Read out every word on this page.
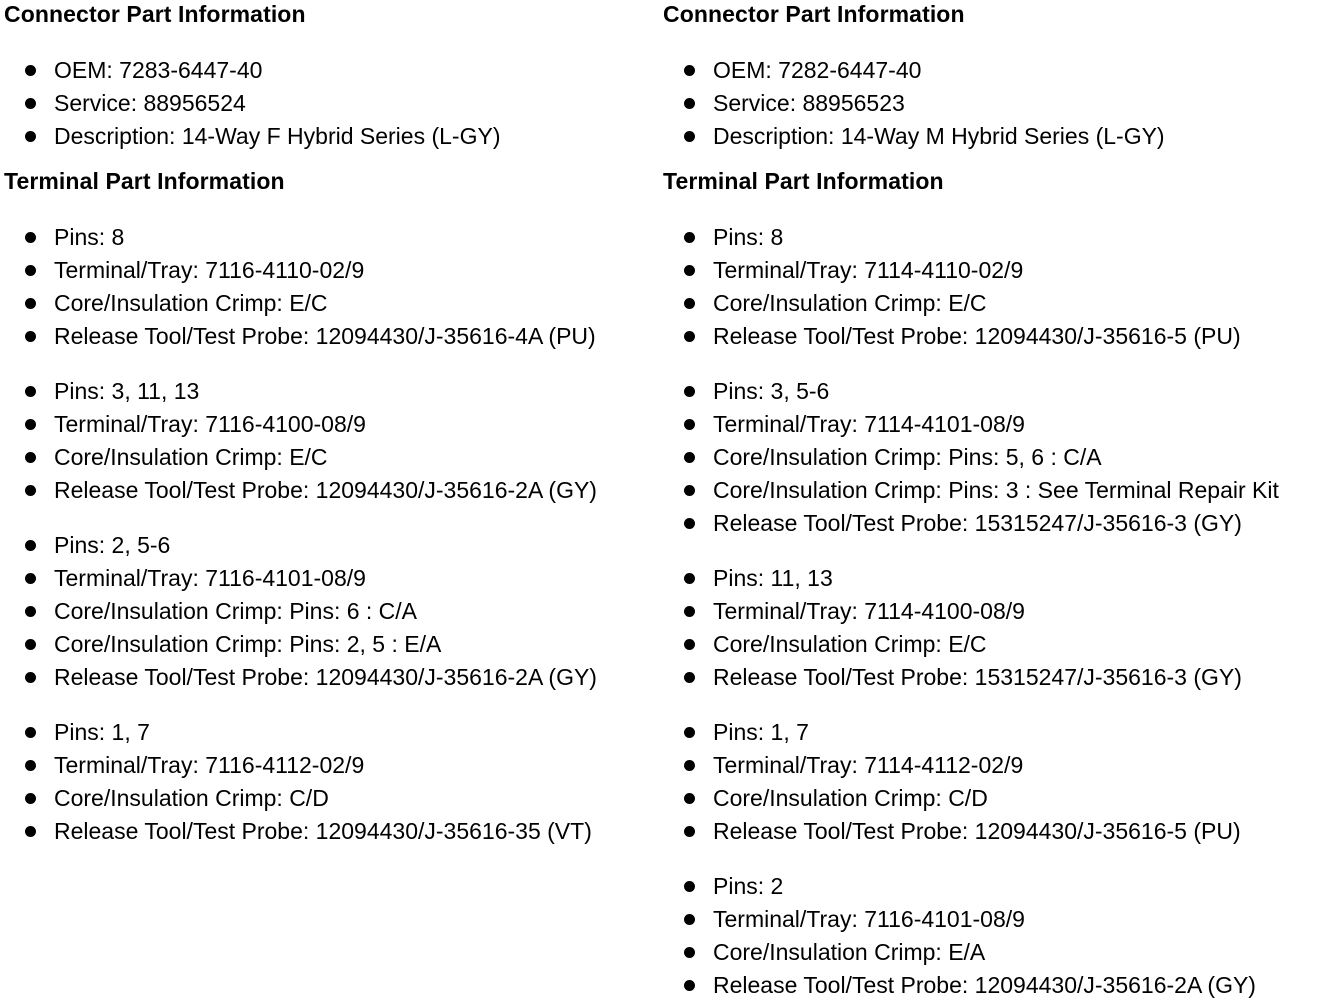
Connector Part Information
OEM: 7283-6447-40
Service: 88956524
Description: 14-Way F Hybrid Series (L-GY)
Terminal Part Information
Pins: 8
Terminal/Tray: 7116-4110-02/9
Core/Insulation Crimp: E/C
Release Tool/Test Probe: 12094430/J-35616-4A (PU)
Pins: 3, 11, 13
Terminal/Tray: 7116-4100-08/9
Core/Insulation Crimp: E/C
Release Tool/Test Probe: 12094430/J-35616-2A (GY)
Pins: 2, 5-6
Terminal/Tray: 7116-4101-08/9
Core/Insulation Crimp: Pins: 6 : C/A
Core/Insulation Crimp: Pins: 2, 5 : E/A
Release Tool/Test Probe: 12094430/J-35616-2A (GY)
Pins: 1, 7
Terminal/Tray: 7116-4112-02/9
Core/Insulation Crimp: C/D
Release Tool/Test Probe: 12094430/J-35616-35 (VT)
Connector Part Information
OEM: 7282-6447-40
Service: 88956523
Description: 14-Way M Hybrid Series (L-GY)
Terminal Part Information
Pins: 8
Terminal/Tray: 7114-4110-02/9
Core/Insulation Crimp: E/C
Release Tool/Test Probe: 12094430/J-35616-5 (PU)
Pins: 3, 5-6
Terminal/Tray: 7114-4101-08/9
Core/Insulation Crimp: Pins: 5, 6 : C/A
Core/Insulation Crimp: Pins: 3 : See Terminal Repair Kit
Release Tool/Test Probe: 15315247/J-35616-3 (GY)
Pins: 11, 13
Terminal/Tray: 7114-4100-08/9
Core/Insulation Crimp: E/C
Release Tool/Test Probe: 15315247/J-35616-3 (GY)
Pins: 1, 7
Terminal/Tray: 7114-4112-02/9
Core/Insulation Crimp: C/D
Release Tool/Test Probe: 12094430/J-35616-5 (PU)
Pins: 2
Terminal/Tray: 7116-4101-08/9
Core/Insulation Crimp: E/A
Release Tool/Test Probe: 12094430/J-35616-2A (GY)
